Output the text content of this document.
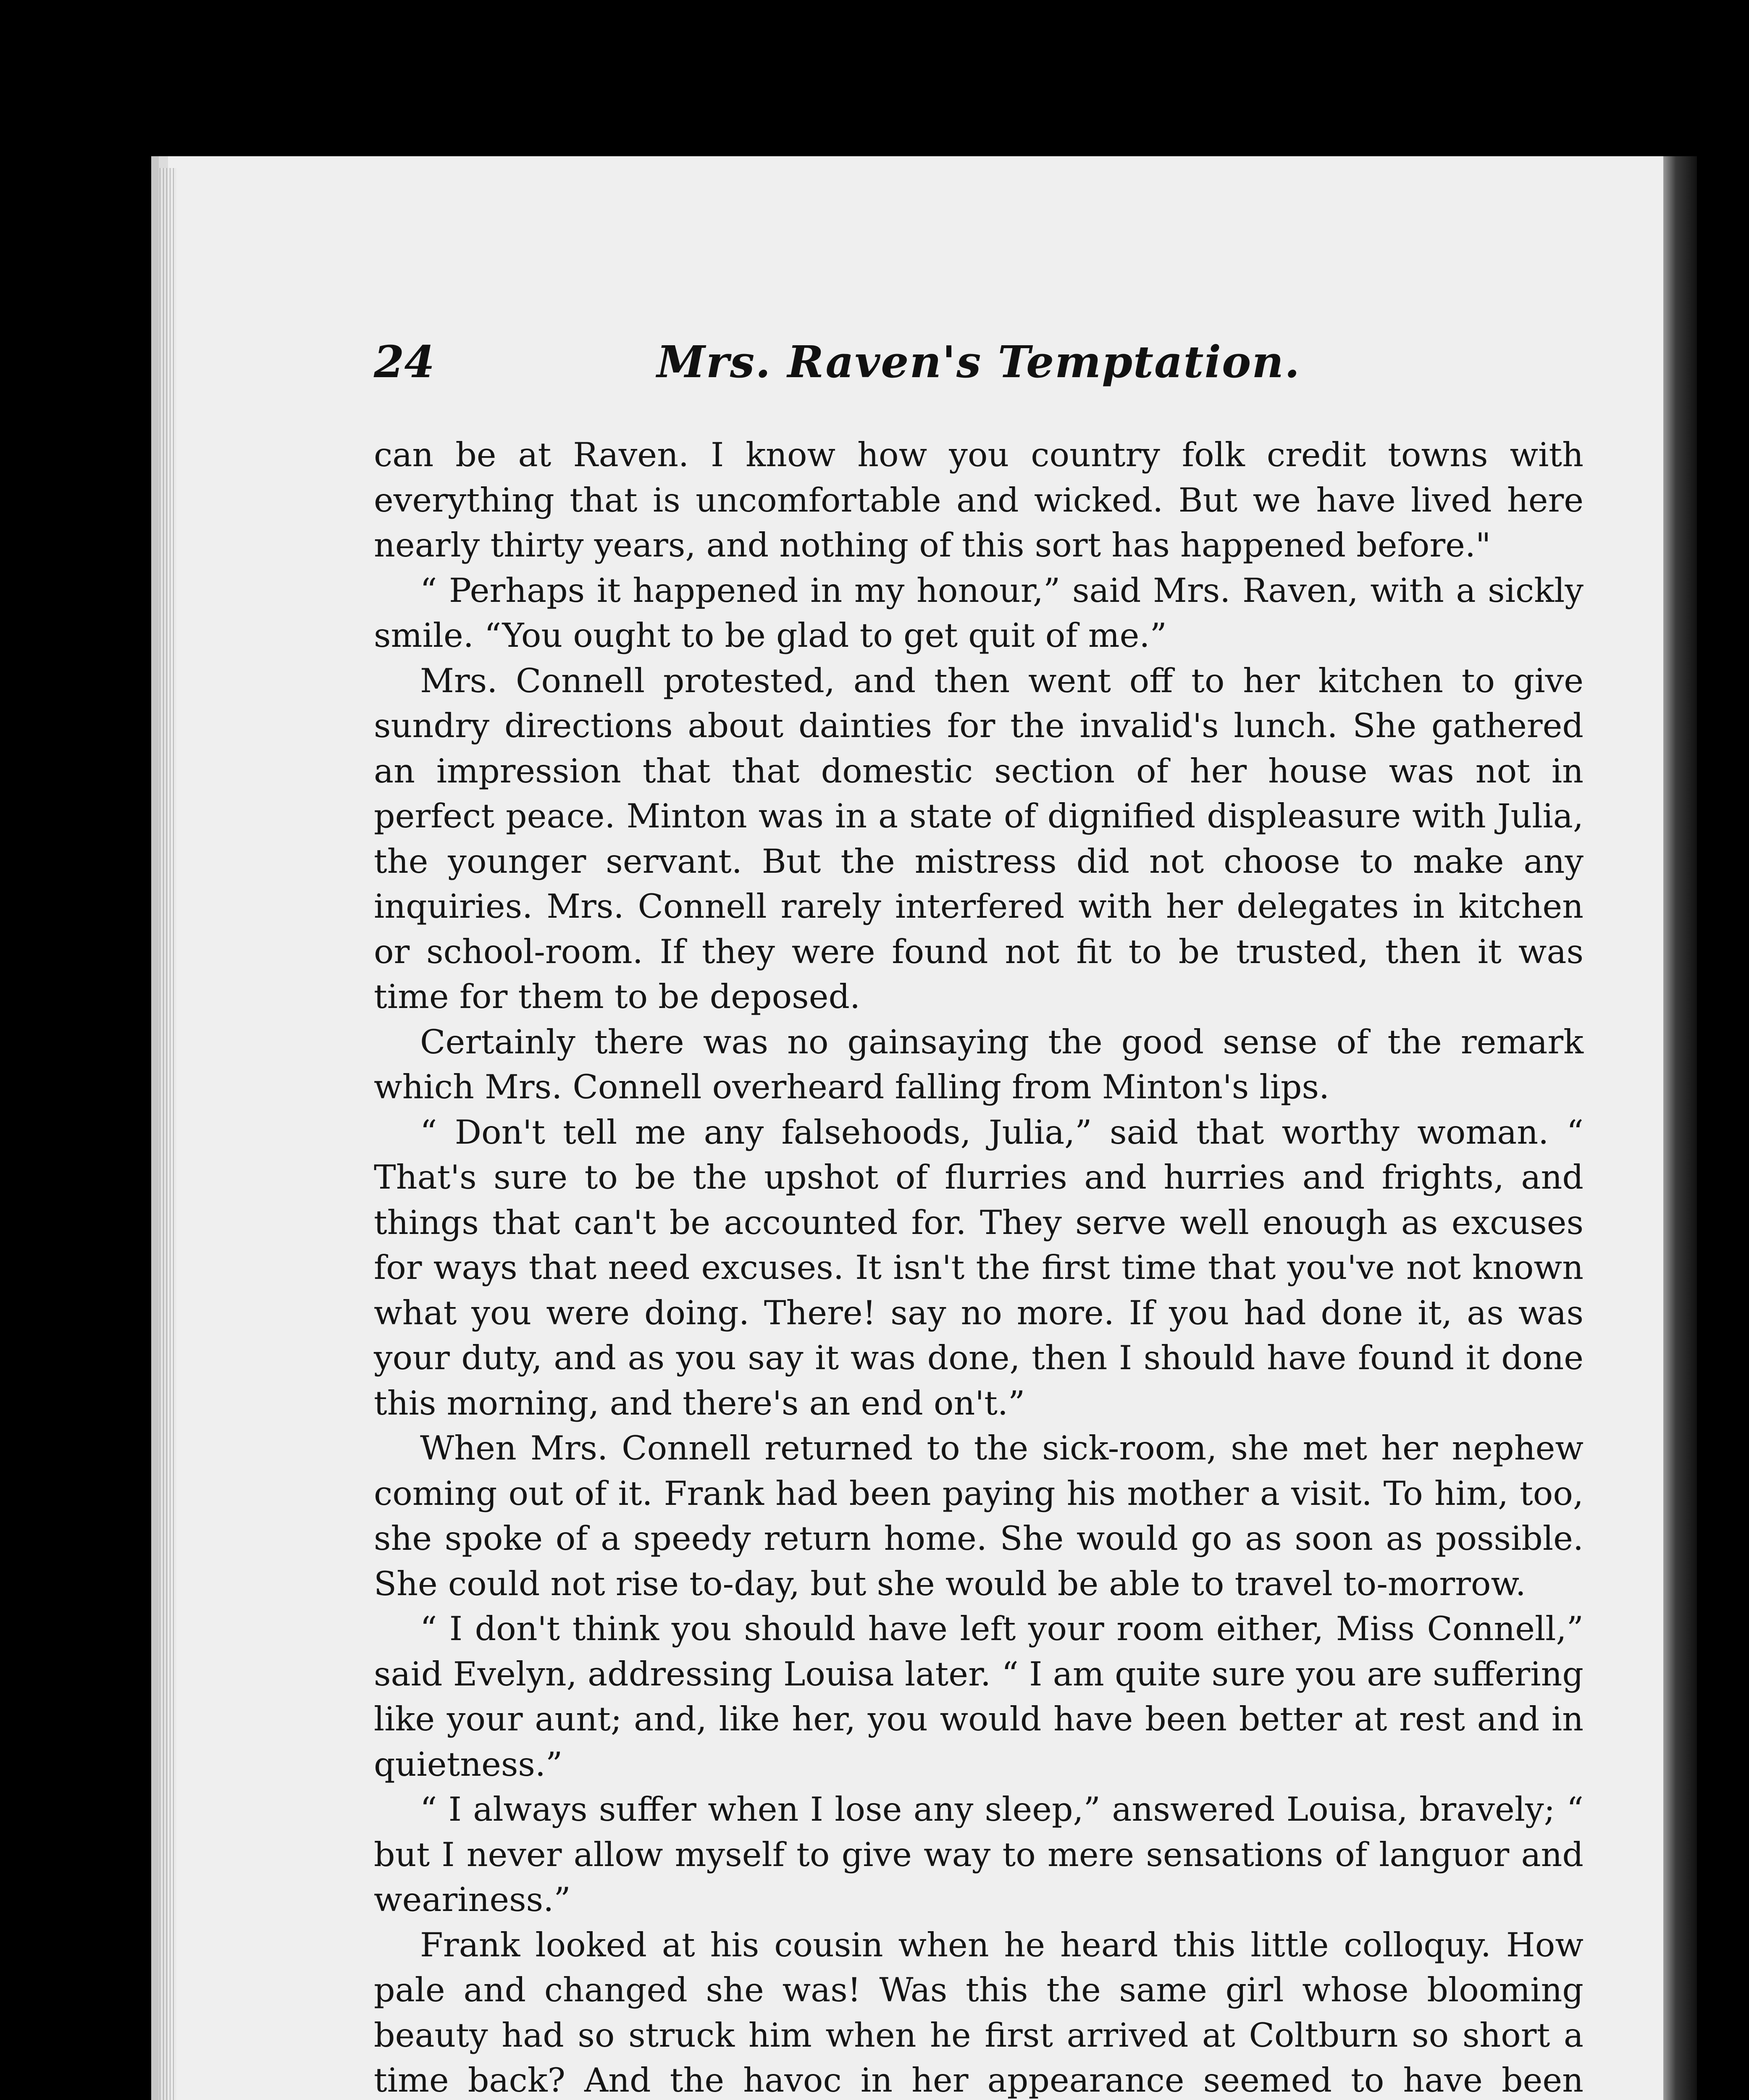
24	Mrs. Raven's Temptation.

can be at Raven. I know how you country folk credit towns with everything that is uncomfortable and wicked. But we have lived here nearly thirty years, and nothing of this sort has happened before."

“ Perhaps it happened in my honour,” said Mrs. Raven, with a sickly smile. “You ought to be glad to get quit of me.”

Mrs. Connell protested, and then went off to her kitchen to give sundry directions about dainties for the invalid's lunch. She gathered an impression that that domestic section of her house was not in perfect peace. Minton was in a state of dignified displeasure with Julia, the younger servant. But the mistress did not choose to make any inquiries. Mrs. Connell rarely interfered with her delegates in kitchen or school-room. If they were found not fit to be trusted, then it was time for them to be deposed.

Certainly there was no gainsaying the good sense of the remark which Mrs. Connell overheard falling from Minton's lips.

“ Don't tell me any falsehoods, Julia,” said that worthy woman. “ That's sure to be the upshot of flurries and hurries and frights, and things that can't be accounted for. They serve well enough as excuses for ways that need excuses. It isn't the first time that you've not known what you were doing. There! say no more. If you had done it, as was your duty, and as you say it was done, then I should have found it done this morning, and there's an end on't.”

When Mrs. Connell returned to the sick-room, she met her nephew coming out of it. Frank had been paying his mother a visit. To him, too, she spoke of a speedy return home. She would go as soon as possible. She could not rise to-day, but she would be able to travel to-morrow.

“ I don't think you should have left your room either, Miss Connell,” said Evelyn, addressing Louisa later. “ I am quite sure you are suffering like your aunt; and, like her, you would have been better at rest and in quietness.”

“ I always suffer when I lose any sleep,” answered Louisa, bravely; “ but I never allow myself to give way to mere sensations of languor and weariness.”

Frank looked at his cousin when he heard this little colloquy. How pale and changed she was! Was this the same girl whose blooming beauty had so struck him when he first arrived at Coltburn so short a time back? And the havoc in her appearance seemed to have been
